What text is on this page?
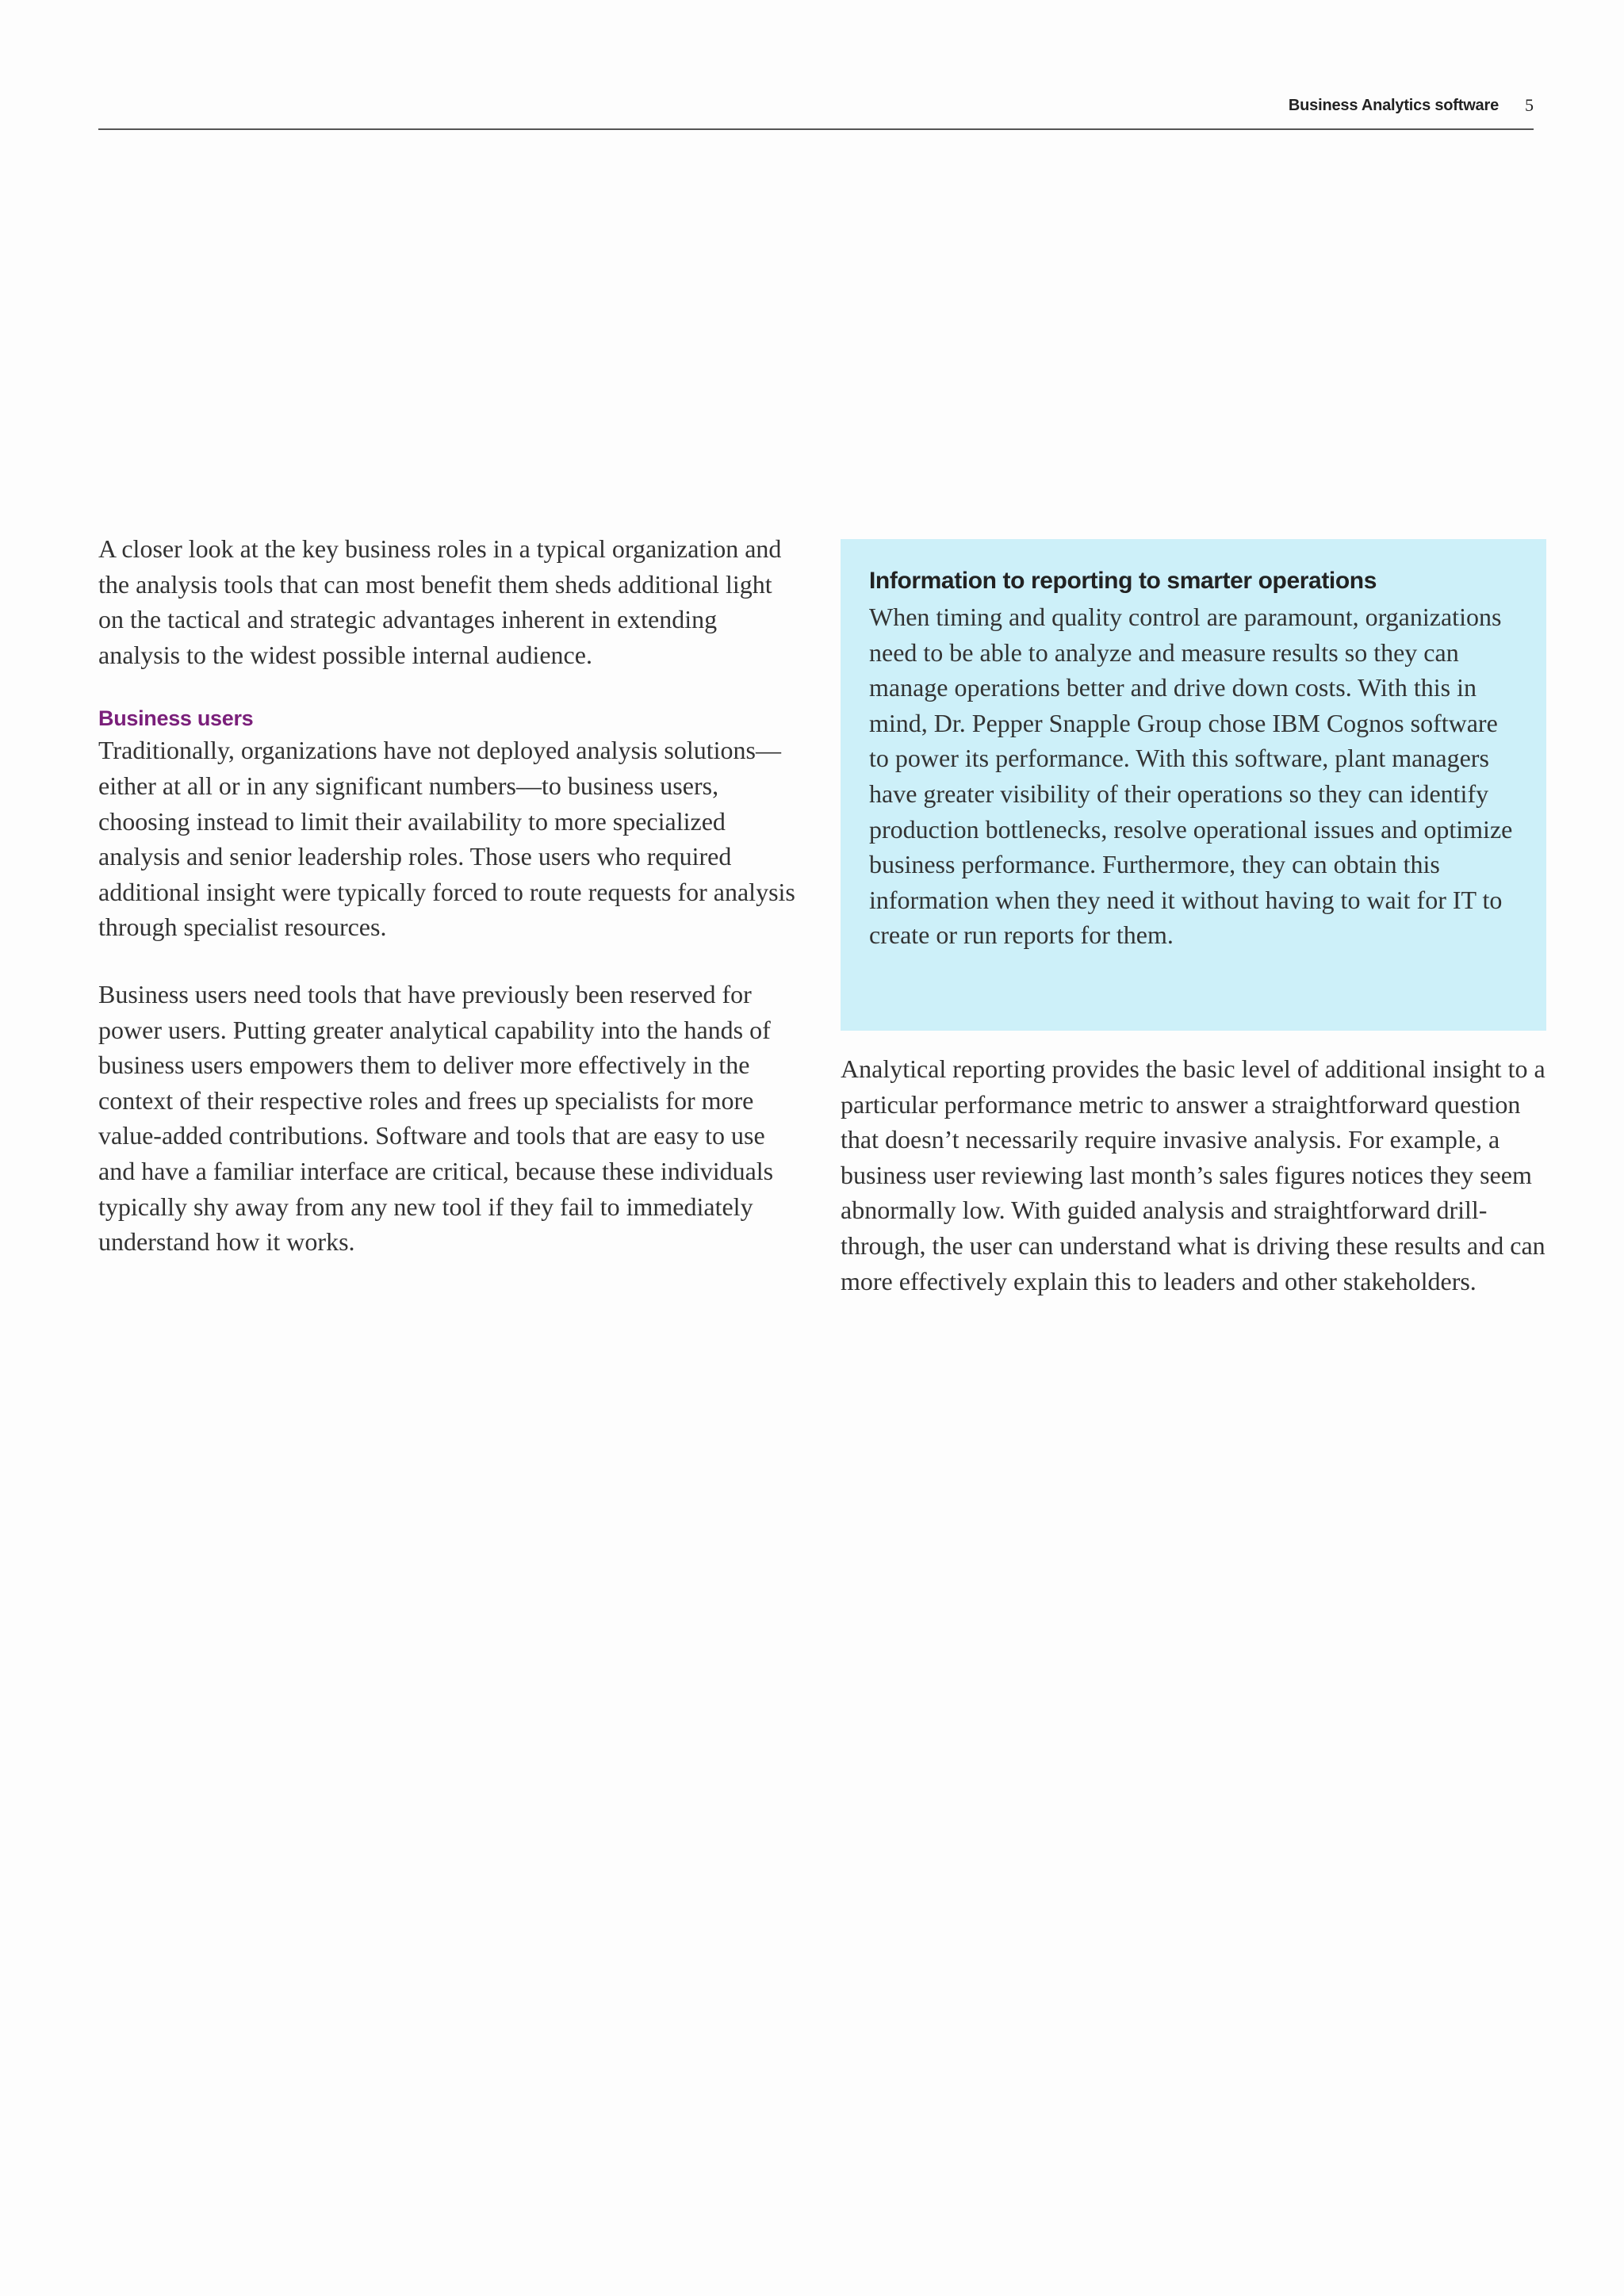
Business Analytics software 5

A closer look at the key business roles in a typical organization and the analysis tools that can most benefit them sheds additional light on the tactical and strategic advantages inherent in extending analysis to the widest possible internal audience.

Business users

Traditionally, organizations have not deployed analysis solutions—either at all or in any significant numbers—to business users, choosing instead to limit their availability to more specialized analysis and senior leadership roles. Those users who required additional insight were typically forced to route requests for analysis through specialist resources.

Business users need tools that have previously been reserved for power users. Putting greater analytical capability into the hands of business users empowers them to deliver more effectively in the context of their respective roles and frees up specialists for more value-added contributions. Software and tools that are easy to use and have a familiar interface are critical, because these individuals typically shy away from any new tool if they fail to immediately understand how it works.

Information to reporting to smarter operations

When timing and quality control are paramount, organizations need to be able to analyze and measure results so they can manage operations better and drive down costs. With this in mind, Dr. Pepper Snapple Group chose IBM Cognos software to power its performance. With this software, plant managers have greater visibility of their operations so they can identify production bottlenecks, resolve operational issues and optimize business performance. Furthermore, they can obtain this information when they need it without having to wait for IT to create or run reports for them.

Analytical reporting provides the basic level of additional insight to a particular performance metric to answer a straightforward question that doesn’t necessarily require invasive analysis. For example, a business user reviewing last month’s sales figures notices they seem abnormally low. With guided analysis and straightforward drill-through, the user can understand what is driving these results and can more effectively explain this to leaders and other stakeholders.
